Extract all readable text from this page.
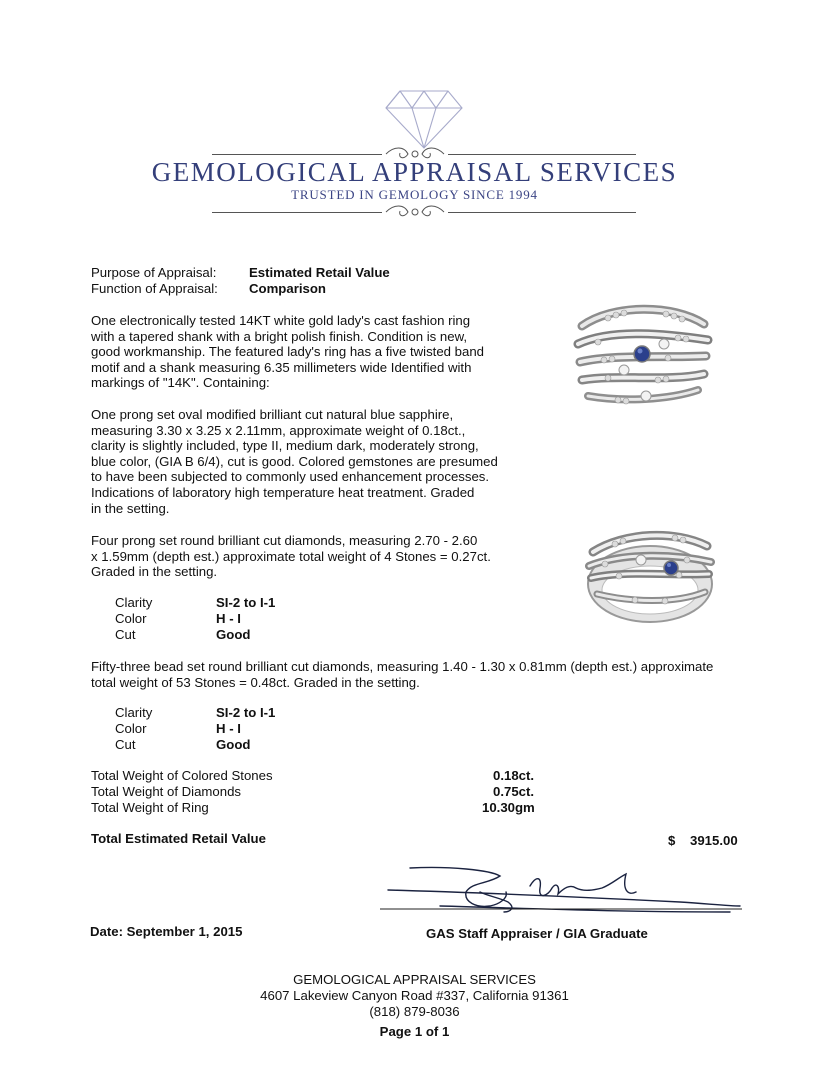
GEMOLOGICAL APPRAISAL SERVICES
TRUSTED IN GEMOLOGY SINCE 1994
Purpose of Appraisal: Estimated Retail Value
Function of Appraisal: Comparison
One electronically tested 14KT white gold lady's cast fashion ring
with a tapered shank with a bright polish finish. Condition is new,
good workmanship. The featured lady's ring has a five twisted band
motif and a shank measuring 6.35 millimeters wide Identified with
markings of "14K". Containing:
One prong set oval modified brilliant cut natural blue sapphire,
measuring 3.30 x 3.25 x 2.11mm, approximate weight of 0.18ct.,
clarity is slightly included, type II, medium dark, moderately strong,
blue color, (GIA B 6/4), cut is good. Colored gemstones are presumed
to have been subjected to commonly used enhancement processes.
Indications of laboratory high temperature heat treatment. Graded
in the setting.
Four prong set round brilliant cut diamonds, measuring 2.70 - 2.60
x 1.59mm (depth est.) approximate total weight of 4 Stones = 0.27ct.
Graded in the setting.
Clarity	SI-2 to I-1
Color	H - I
Cut	Good
Fifty-three bead set round brilliant cut diamonds, measuring 1.40 - 1.30 x 0.81mm (depth est.) approximate
total weight of 53 Stones = 0.48ct. Graded in the setting.
Clarity	SI-2 to I-1
Color	H - I
Cut	Good
Total Weight of Colored Stones	0.18ct.
Total Weight of Diamonds	0.75ct.
Total Weight of Ring	10.30gm
Total Estimated Retail Value	$ 3915.00
Date: September 1, 2015	GAS Staff Appraiser / GIA Graduate
GEMOLOGICAL APPRAISAL SERVICES
4607 Lakeview Canyon Road #337, California 91361
(818) 879-8036
Page 1 of 1
